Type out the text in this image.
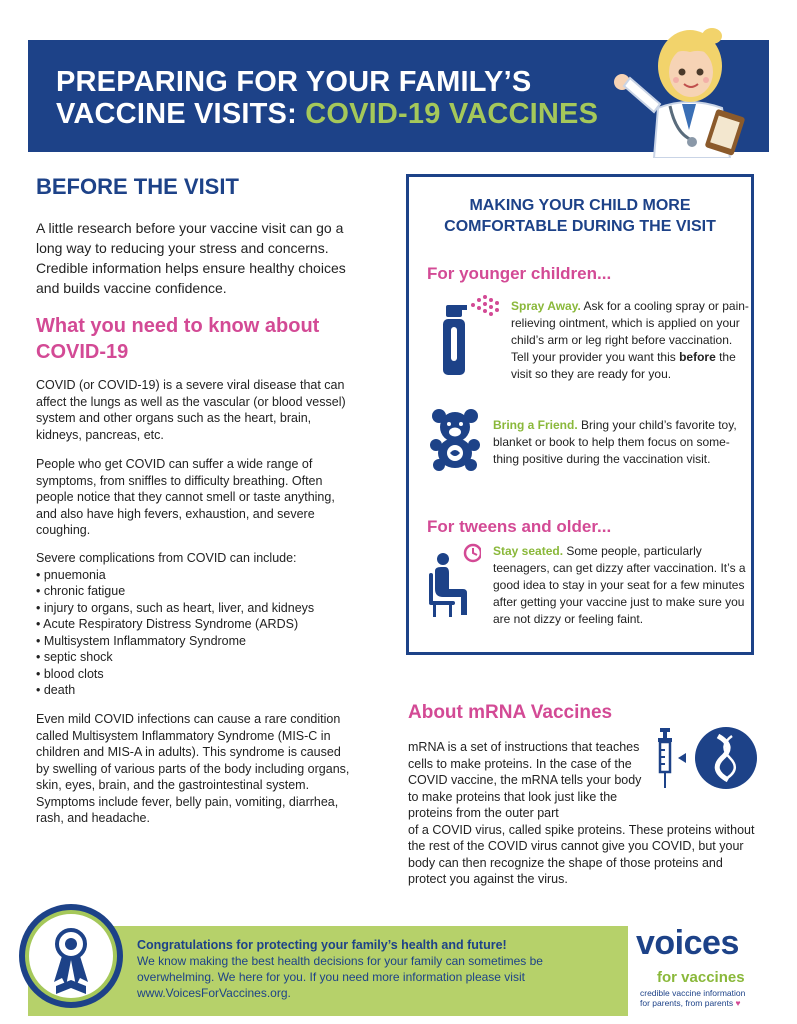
PREPARING FOR YOUR FAMILY’S
VACCINE VISITS: COVID-19 VACCINES
BEFORE THE VISIT
A little research before your vaccine visit can go a long way to reducing your stress and concerns. Credible information helps ensure healthy choices and builds vaccine confidence.
What you need to know about COVID-19
COVID (or COVID-19) is a severe viral disease that can affect the lungs as well as the vascular (or blood vessel) system and other organs such as the heart, brain, kidneys, pancreas, etc.
People who get COVID can suffer a wide range of symptoms, from sniffles to difficulty breathing. Often people notice that they cannot smell or taste anything, and also have high fevers, exhaustion, and severe coughing.
Severe complications from COVID can include:
• pnuemonia
• chronic fatigue
• injury to organs, such as heart, liver, and kidneys
• Acute Respiratory Distress Syndrome (ARDS)
• Multisystem Inflammatory Syndrome
• septic shock
• blood clots
• death
Even mild COVID infections can cause a rare condition called Multisystem Inflammatory Syndrome (MIS-C in children and MIS-A in adults). This syndrome is caused by swelling of various parts of the body including organs, skin, eyes, brain, and the gastrointestinal system. Symptoms include fever, belly pain, vomiting, diarrhea, rash, and headache.
MAKING YOUR CHILD MORE COMFORTABLE DURING THE VISIT
For younger children...
Spray Away. Ask for a cooling spray or pain-relieving ointment, which is applied on your child’s arm or leg right before vaccination. Tell your provider you want this before the visit so they are ready for you.
Bring a Friend. Bring your child’s favorite toy, blanket or book to help them focus on some-thing positive during the vaccination visit.
For tweens and older...
Stay seated. Some people, particularly teenagers, can get dizzy after vaccination. It’s a good idea to stay in your seat for a few minutes after getting your vaccine just to make sure you are not dizzy or feeling faint.
About mRNA Vaccines
mRNA is a set of instructions that teaches cells to make proteins. In the case of the COVID vaccine, the mRNA tells your body to make proteins that look just like the proteins from the outer part
of a COVID virus, called spike proteins. These proteins without the rest of the COVID virus cannot give you COVID, but your body can then recognize the shape of those proteins and protect you against the virus.
Congratulations for protecting your family’s health and future!
We know making the best health decisions for your family can sometimes be overwhelming. We here for you. If you need more information please visit www.VoicesForVaccines.org.
voices
for vaccines
credible vaccine information
for parents, from parents ♥
